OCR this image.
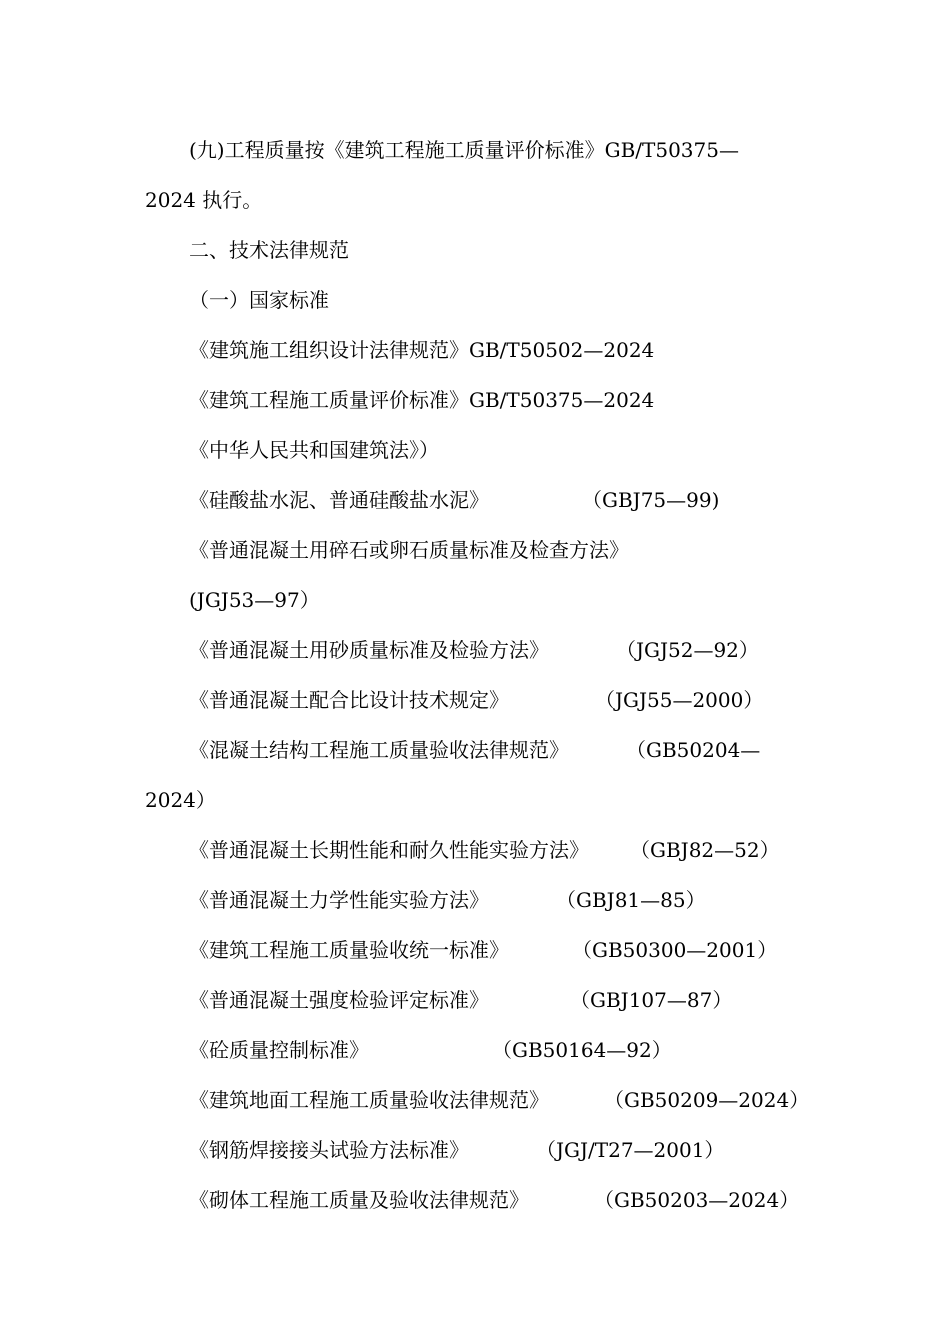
(九)工程质量按《建筑工程施工质量评价标准》GB/T50375—
2024 执行。
二、技术法律规范
（一）国家标准
《建筑施工组织设计法律规范》GB/T50502—2024
《建筑工程施工质量评价标准》GB/T50375—2024
《中华人民共和国建筑法》）
《硅酸盐水泥、普通硅酸盐水泥》	（GBJ75—99)
《普通混凝土用碎石或卵石质量标准及检查方法》
(JGJ53—97）
《普通混凝土用砂质量标准及检验方法》	（JGJ52—92）
《普通混凝土配合比设计技术规定》	（JGJ55—2000）
《混凝土结构工程施工质量验收法律规范》	（GB50204—
2024）
《普通混凝土长期性能和耐久性能实验方法》 （GBJ82—52）
《普通混凝土力学性能实验方法》	（GBJ81—85）
《建筑工程施工质量验收统一标准》	（GB50300—2001）
《普通混凝土强度检验评定标准》	（GBJ107—87）
《砼质量控制标准》	（GB50164—92）
《建筑地面工程施工质量验收法律规范》	（GB50209—2024）
《钢筋焊接接头试验方法标准》	（JGJ/T27—2001）
《砌体工程施工质量及验收法律规范》	（GB50203—2024）
